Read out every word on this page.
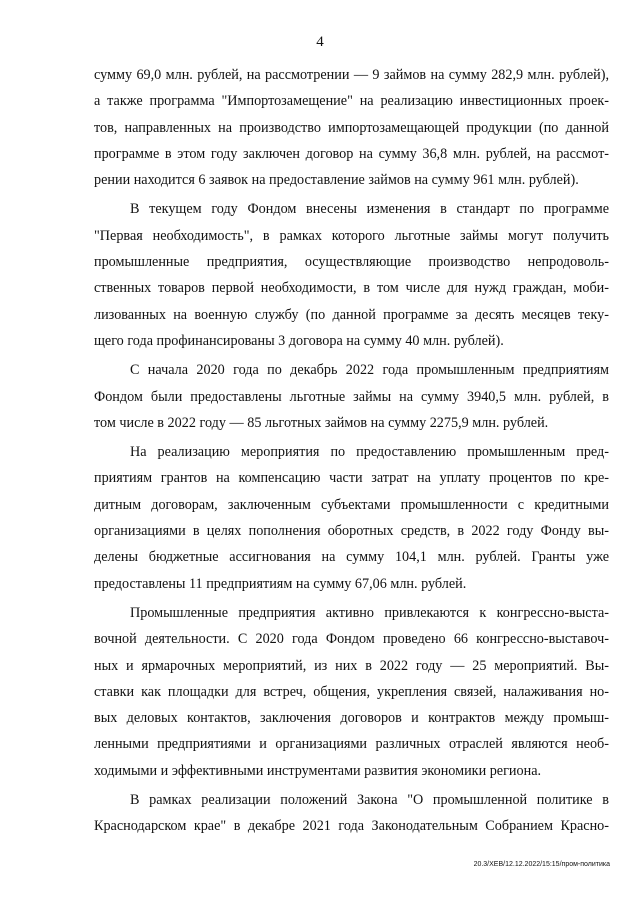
4
сумму 69,0 млн. рублей, на рассмотрении — 9 займов на сумму 282,9 млн. рублей),
а также программа "Импортозамещение" на реализацию инвестиционных проек-
тов, направленных на производство импортозамещающей продукции (по данной
программе в этом году заключен договор на сумму 36,8 млн. рублей, на рассмот-
рении находится 6 заявок на предоставление займов на сумму 961 млн. рублей).
В текущем году Фондом внесены изменения в стандарт по программе
"Первая необходимость", в рамках которого льготные займы могут получить
промышленные предприятия, осуществляющие производство непродоволь-
ственных товаров первой необходимости, в том числе для нужд граждан, моби-
лизованных на военную службу (по данной программе за десять месяцев теку-
щего года профинансированы 3 договора на сумму 40 млн. рублей).
С начала 2020 года по декабрь 2022 года промышленным предприятиям
Фондом были предоставлены льготные займы на сумму 3940,5 млн. рублей, в
том числе в 2022 году — 85 льготных займов на сумму 2275,9 млн. рублей.
На реализацию мероприятия по предоставлению промышленным пред-
приятиям грантов на компенсацию части затрат на уплату процентов по кре-
дитным договорам, заключенным субъектами промышленности с кредитными
организациями в целях пополнения оборотных средств, в 2022 году Фонду вы-
делены бюджетные ассигнования на сумму 104,1 млн. рублей. Гранты уже
предоставлены 11 предприятиям на сумму 67,06 млн. рублей.
Промышленные предприятия активно привлекаются к конгрессно-выста-
вочной деятельности. С 2020 года Фондом проведено 66 конгрессно-выставоч-
ных и ярмарочных мероприятий, из них в 2022 году — 25 мероприятий. Вы-
ставки как площадки для встреч, общения, укрепления связей, налаживания но-
вых деловых контактов, заключения договоров и контрактов между промыш-
ленными предприятиями и организациями различных отраслей являются необ-
ходимыми и эффективными инструментами развития экономики региона.
В рамках реализации положений Закона "О промышленной политике в
Краснодарском крае" в декабре 2021 года Законодательным Собранием Красно-
20.3/ХЕВ/12.12.2022/15:15/пром-политика
